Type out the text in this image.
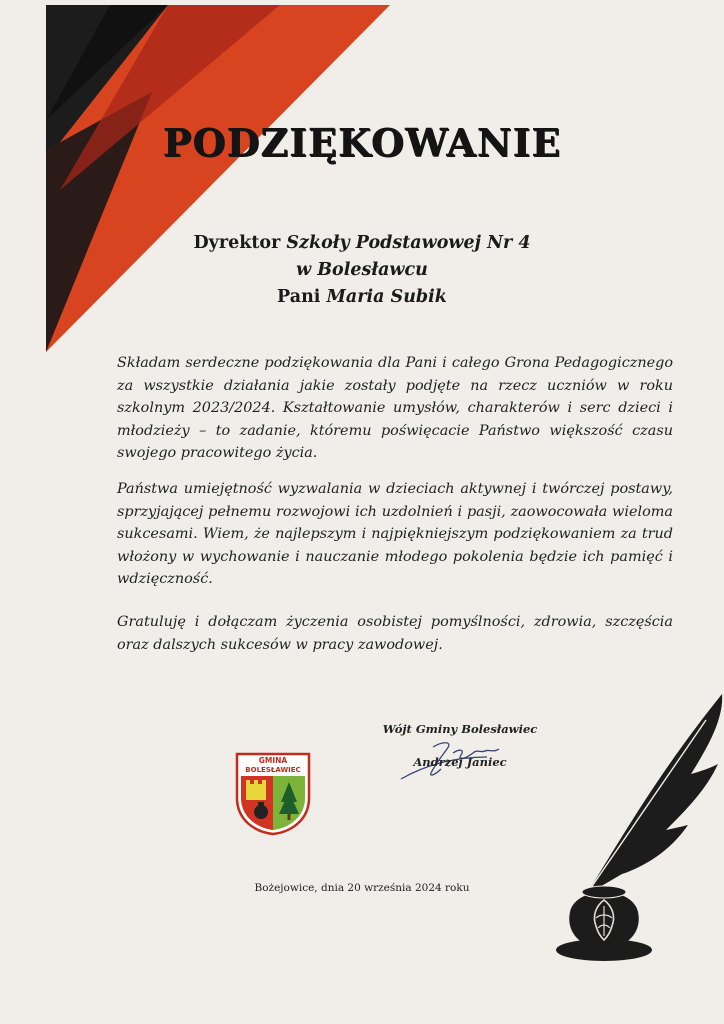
PODZIĘKOWANIE
Dyrektor Szkoły Podstawowej Nr 4
w Bolesławcu
Pani Maria Subik

Składam serdeczne podziękowania dla Pani i całego Grona Pedagogicznego za wszystkie działania jakie zostały podjęte na rzecz uczniów w roku szkolnym 2023/2024. Kształtowanie umysłów, charakterów i serc dzieci i młodzieży – to zadanie, któremu poświęcacie Państwo większość czasu swojego pracowitego życia.

Państwa umiejętność wyzwalania w dzieciach aktywnej i twórczej postawy, sprzyjającej pełnemu rozwojowi ich uzdolnień i pasji, zaowocowała wieloma sukcesami. Wiem, że najlepszym i najpiękniejszym podziękowaniem za trud włożony w wychowanie i nauczanie młodego pokolenia będzie ich pamięć i wdzięczność.

Gratuluję i dołączam życzenia osobistej pomyślności, zdrowia, szczęścia oraz dalszych sukcesów w pracy zawodowej.

Wójt Gminy Bolesławiec
Andrzej Janiec
GMINA
BOLESŁAWIEC
Bożejowice, dnia 20 września 2024 roku
